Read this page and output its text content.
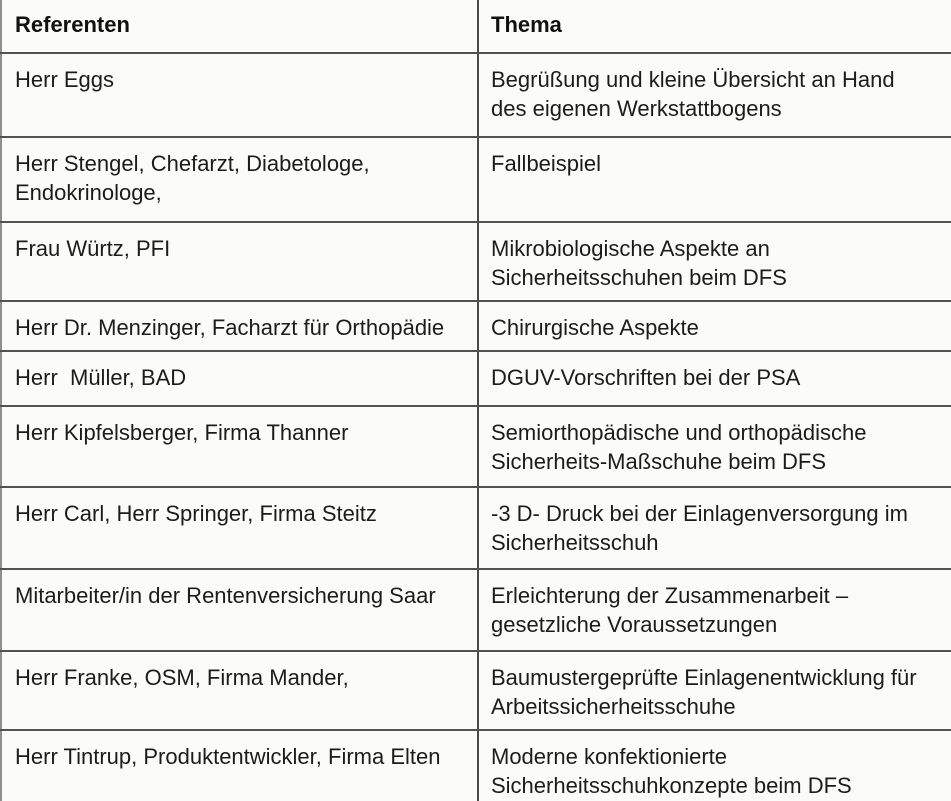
Referenten	Thema
Herr Eggs	Begrüßung und kleine Übersicht an Hand des eigenen Werkstattbogens
Herr Stengel, Chefarzt, Diabetologe, Endokrinologe,	Fallbeispiel
Frau Würtz, PFI	Mikrobiologische Aspekte an Sicherheitsschuhen beim DFS
Herr Dr. Menzinger, Facharzt für Orthopädie	Chirurgische Aspekte
Herr  Müller, BAD	DGUV-Vorschriften bei der PSA
Herr Kipfelsberger, Firma Thanner	Semiorthopädische und orthopädische Sicherheits-Maßschuhe beim DFS
Herr Carl, Herr Springer, Firma Steitz	-3 D- Druck bei der Einlagenversorgung im Sicherheitsschuh
Mitarbeiter/in der Rentenversicherung Saar	Erleichterung der Zusammenarbeit – gesetzliche Voraussetzungen
Herr Franke, OSM, Firma Mander,	Baumustergeprüfte Einlagenentwicklung für Arbeitssicherheitsschuhe
Herr Tintrup, Produktentwickler, Firma Elten	Moderne konfektionierte Sicherheitsschuhkonzepte beim DFS
